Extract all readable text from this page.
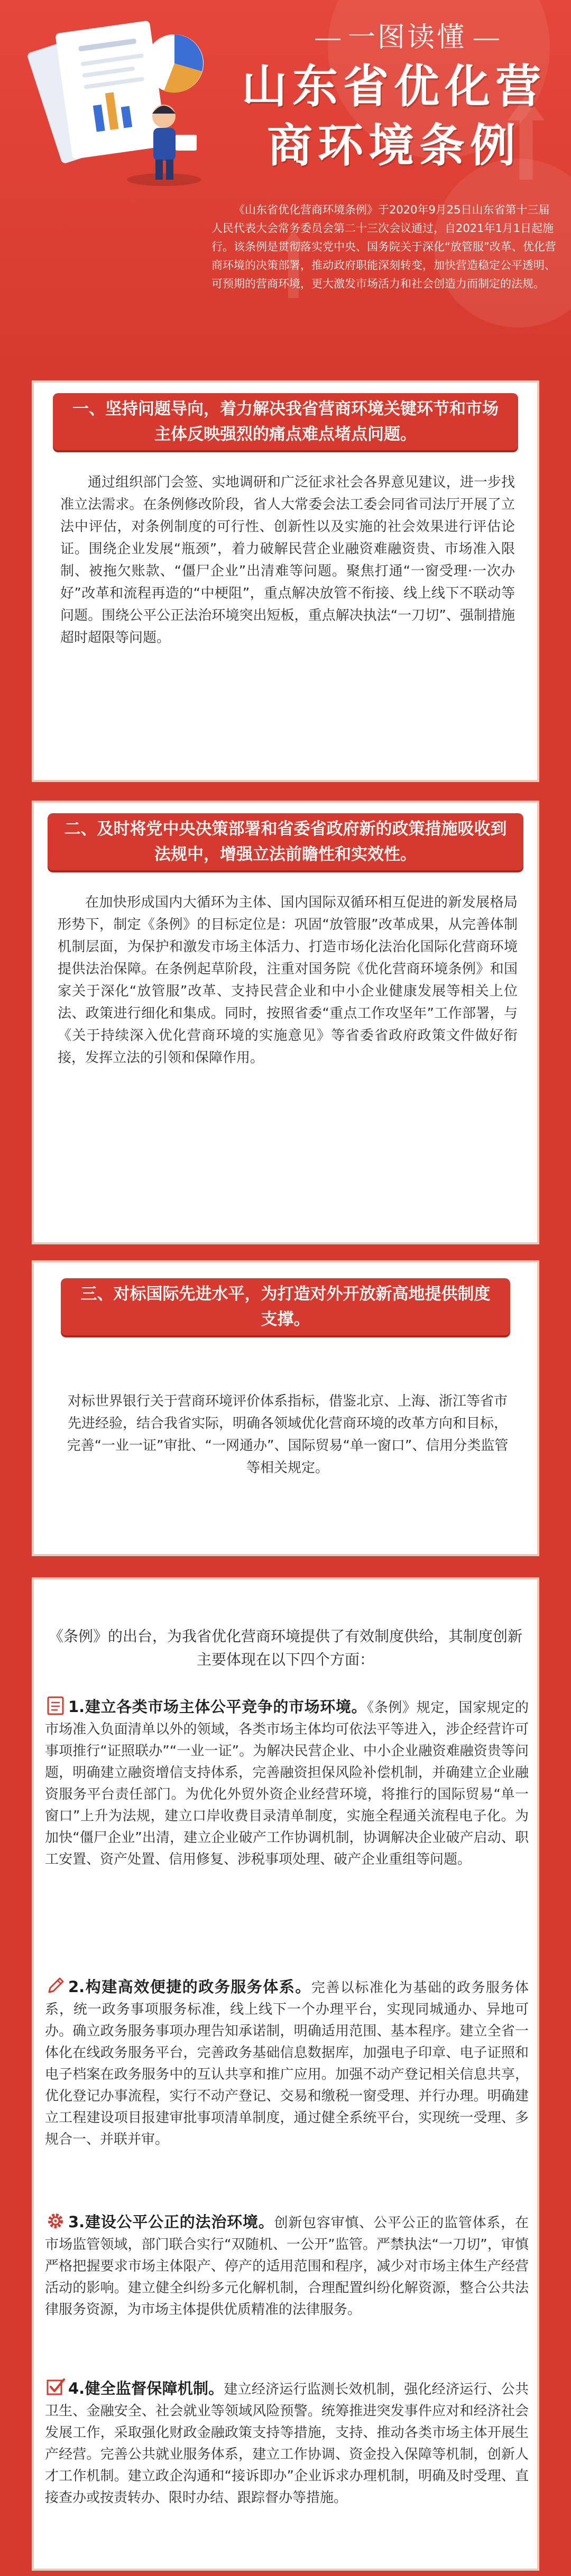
一图读懂
山东省优化营
商环境条例
《山东省优化营商环境条例》于2020年9月25日山东省第十三届人民代表大会常务委员会第二十三次会议通过，自2021年1月1日起施行。该条例是贯彻落实党中央、国务院关于深化“放管服”改革、优化营商环境的决策部署，推动政府职能深刻转变，加快营造稳定公平透明、可预期的营商环境，更大激发市场活力和社会创造力而制定的法规。
一、坚持问题导向，着力解决我省营商环境关键环节和市场主体反映强烈的痛点难点堵点问题。
通过组织部门会签、实地调研和广泛征求社会各界意见建议，进一步找准立法需求。在条例修改阶段，省人大常委会法工委会同省司法厅开展了立法中评估，对条例制度的可行性、创新性以及实施的社会效果进行评估论证。围绕企业发展“瓶颈”，着力破解民营企业融资难融资贵、市场准入限制、被拖欠账款、“僵尸企业”出清难等问题。聚焦打通“一窗受理·一次办好”改革和流程再造的“中梗阻”，重点解决放管不衔接、线上线下不联动等问题。围绕公平公正法治环境突出短板，重点解决执法“一刀切”、强制措施超时超限等问题。
二、及时将党中央决策部署和省委省政府新的政策措施吸收到法规中，增强立法前瞻性和实效性。
在加快形成国内大循环为主体、国内国际双循环相互促进的新发展格局形势下，制定《条例》的目标定位是：巩固“放管服”改革成果，从完善体制机制层面，为保护和激发市场主体活力、打造市场化法治化国际化营商环境提供法治保障。在条例起草阶段，注重对国务院《优化营商环境条例》和国家关于深化“放管服”改革、支持民营企业和中小企业健康发展等相关上位法、政策进行细化和集成。同时，按照省委“重点工作攻坚年”工作部署，与《关于持续深入优化营商环境的实施意见》等省委省政府政策文件做好衔接，发挥立法的引领和保障作用。
三、对标国际先进水平，为打造对外开放新高地提供制度支撑。
对标世界银行关于营商环境评价体系指标，借鉴北京、上海、浙江等省市先进经验，结合我省实际，明确各领域优化营商环境的改革方向和目标，完善“一业一证”审批、“一网通办”、国际贸易“单一窗口”、信用分类监管等相关规定。
《条例》的出台，为我省优化营商环境提供了有效制度供给，其制度创新主要体现在以下四个方面：
1.建立各类市场主体公平竞争的市场环境。《条例》规定，国家规定的市场准入负面清单以外的领域，各类市场主体均可依法平等进入，涉企经营许可事项推行“证照联办”“一业一证”。为解决民营企业、中小企业融资难融资贵等问题，明确建立融资增信支持体系，完善融资担保风险补偿机制，并确建立企业融资服务平台责任部门。为优化外贸外资企业经营环境，将推行的国际贸易“单一窗口”上升为法规，建立口岸收费目录清单制度，实施全程通关流程电子化。为加快“僵尸企业”出清，建立企业破产工作协调机制，协调解决企业破产启动、职工安置、资产处置、信用修复、涉税事项处理、破产企业重组等问题。
2.构建高效便捷的政务服务体系。完善以标准化为基础的政务服务体系，统一政务事项服务标准，线上线下一个办理平台，实现同城通办、异地可办。确立政务服务事项办理告知承诺制，明确适用范围、基本程序。建立全省一体化在线政务服务平台，完善政务基础信息数据库，加强电子印章、电子证照和电子档案在政务服务中的互认共享和推广应用。加强不动产登记相关信息共享，优化登记办事流程，实行不动产登记、交易和缴税一窗受理、并行办理。明确建立工程建设项目报建审批事项清单制度，通过健全系统平台，实现统一受理、多规合一、并联并审。
3.建设公平公正的法治环境。创新包容审慎、公平公正的监管体系，在市场监管领域，部门联合实行“双随机、一公开”监管。严禁执法“一刀切”，审慎严格把握要求市场主体限产、停产的适用范围和程序，减少对市场主体生产经营活动的影响。建立健全纠纷多元化解机制，合理配置纠纷化解资源，整合公共法律服务资源，为市场主体提供优质精准的法律服务。
4.健全监督保障机制。建立经济运行监测长效机制，强化经济运行、公共卫生、金融安全、社会就业等领域风险预警。统筹推进突发事件应对和经济社会发展工作，采取强化财政金融政策支持等措施，支持、推动各类市场主体开展生产经营。完善公共就业服务体系，建立工作协调、资金投入保障等机制，创新人才工作机制。建立政企沟通和“接诉即办”企业诉求办理机制，明确及时受理、直接查办或按责转办、限时办结、跟踪督办等措施。
